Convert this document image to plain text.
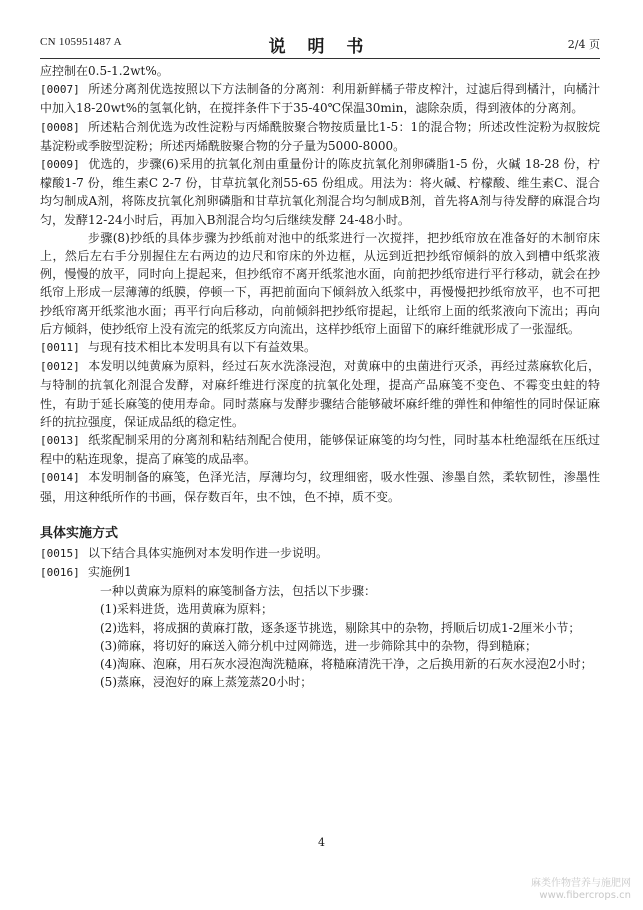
CN 105951487 A	说 明 书	2/4 页

应控制在0.5-1.2wt%。

[0007] 所述分离剂优选按照以下方法制备的分离剂：利用新鲜橘子带皮榨汁，过滤后得到橘汁，向橘汁中加入18-20wt%的氢氧化钠，在搅拌条件下于35-40℃保温30min，滤除杂质，得到液体的分离剂。

[0008] 所述粘合剂优选为改性淀粉与丙烯酰胺聚合物按质量比1-5：1的混合物；所述改性淀粉为叔胺烷基淀粉或季胺型淀粉；所述丙烯酰胺聚合物的分子量为5000-8000。

[0009] 优选的，步骤(6)采用的抗氧化剂由重量份计的陈皮抗氧化剂卵磷脂1-5 份，火碱 18-28 份，柠檬酸1-7 份，维生素C 2-7 份，甘草抗氧化剂55-65 份组成。用法为：将火碱、柠檬酸、维生素C、混合均匀制成A剂，将陈皮抗氧化剂卵磷脂和甘草抗氧化剂混合均匀制成B剂，首先将A剂与待发酵的麻混合均匀，发酵12-24小时后，再加入B剂混合均匀后继续发酵 24-48小时。

步骤(8)抄纸的具体步骤为抄纸前对池中的纸浆进行一次搅拌，把抄纸帘放在准备好的木制帘床上，然后左右手分别握住左右两边的边尺和帘床的外边框，从远到近把抄纸帘倾斜的放入到槽中纸浆液例，慢慢的放平，同时向上提起来，但抄纸帘不离开纸浆池水面，向前把抄纸帘进行平行移动，就会在抄纸帘上形成一层薄薄的纸膜，停顿一下，再把前面向下倾斜放入纸浆中，再慢慢把抄纸帘放平，也不可把抄纸帘离开纸浆池水面；再平行向后移动，向前倾斜把抄纸帘提起，让纸帘上面的纸浆液向下流出；再向后方倾斜，使抄纸帘上没有流完的纸浆反方向流出，这样抄纸帘上面留下的麻纤维就形成了一张湿纸。

[0011] 与现有技术相比本发明具有以下有益效果。

[0012] 本发明以纯黄麻为原料，经过石灰水洗涤浸泡，对黄麻中的虫菌进行灭杀，再经过蒸麻软化后，与特制的抗氧化剂混合发酵，对麻纤维进行深度的抗氧化处理，提高产品麻笺不变色、不霉变虫蛀的特性，有助于延长麻笺的使用寿命。同时蒸麻与发酵步骤结合能够破坏麻纤维的弹性和伸缩性的同时保证麻纤的抗拉强度，保证成品纸的稳定性。

[0013] 纸浆配制采用的分离剂和粘结剂配合使用，能够保证麻笺的均匀性，同时基本杜绝湿纸在压纸过程中的粘连现象，提高了麻笺的成品率。

[0014] 本发明制备的麻笺，色泽光洁，厚薄均匀，纹理细密，吸水性强、渗墨自然，柔软韧性，渗墨性强，用这种纸所作的书画，保存数百年，虫不蚀，色不掉，质不变。

具体实施方式

[0015] 以下结合具体实施例对本发明作进一步说明。

[0016] 实施例1

一种以黄麻为原料的麻笺制备方法，包括以下步骤：

(1)采料进货，选用黄麻为原料；

(2)选料，将成捆的黄麻打散，逐条逐节挑选，剔除其中的杂物，捋顺后切成1-2厘米小节；

(3)筛麻，将切好的麻送入筛分机中过网筛选，进一步筛除其中的杂物，得到糙麻；

(4)淘麻、泡麻，用石灰水浸泡淘洗糙麻，将糙麻清洗干净，之后换用新的石灰水浸泡2小时；

(5)蒸麻，浸泡好的麻上蒸笼蒸20小时；

4
麻类作物营养与施肥网
www.fibercrops.cn
